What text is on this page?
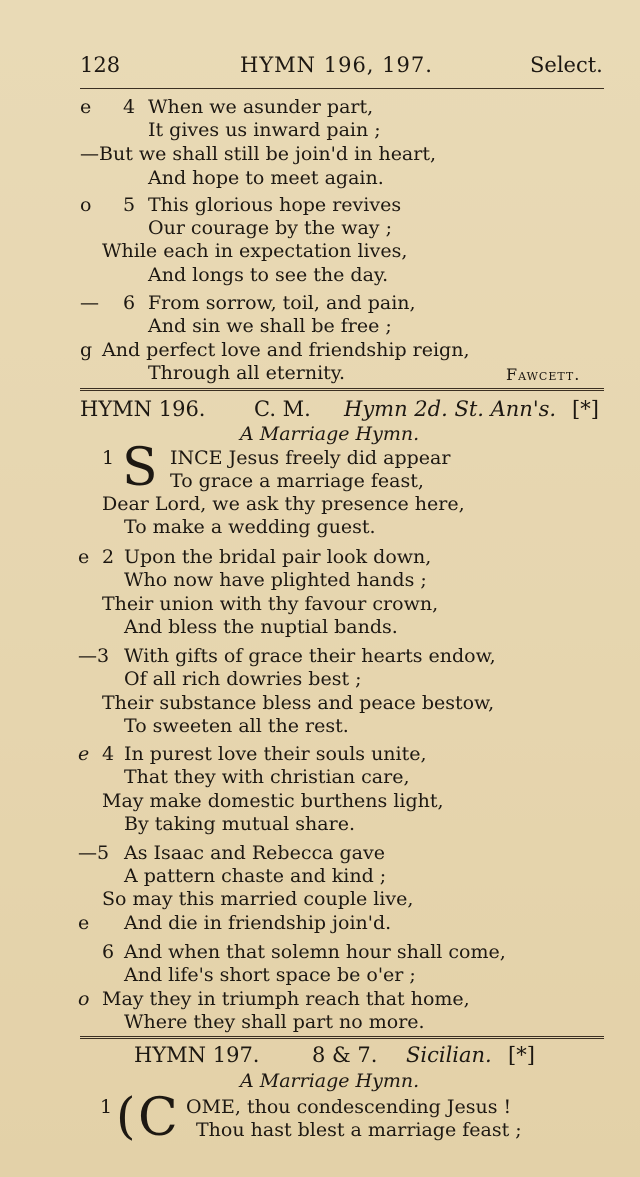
128	HYMN 196, 197.	Select.
e 4 When we asunder part,
It gives us inward pain ;
—But we shall still be join'd in heart,
And hope to meet again.
o 5 This glorious hope revives
Our courage by the way ;
While each in expectation lives,
And longs to see the day.
— 6 From sorrow, toil, and pain,
And sin we shall be free ;
g And perfect love and friendship reign,
Through all eternity.	Fawcett.
HYMN 196. C. M. Hymn 2d. St. Ann's. [*]
A Marriage Hymn.
1 S INCE Jesus freely did appear
To grace a marriage feast,
Dear Lord, we ask thy presence here,
To make a wedding guest.
e 2 Upon the bridal pair look down,
Who now have plighted hands ;
Their union with thy favour crown,
And bless the nuptial bands.
—3 With gifts of grace their hearts endow,
Of all rich dowries best ;
Their substance bless and peace bestow,
To sweeten all the rest.
e 4 In purest love their souls unite,
That they with christian care,
May make domestic burthens light,
By taking mutual share.
—5 As Isaac and Rebecca gave
A pattern chaste and kind ;
So may this married couple live,
e And die in friendship join'd.
6 And when that solemn hour shall come,
And life's short space be o'er ;
o May they in triumph reach that home,
Where they shall part no more.
HYMN 197.	8 & 7. Sicilian. [*]
A Marriage Hymn.
1 ( C OME, thou condescending Jesus !
Thou hast blest a marriage feast ;
